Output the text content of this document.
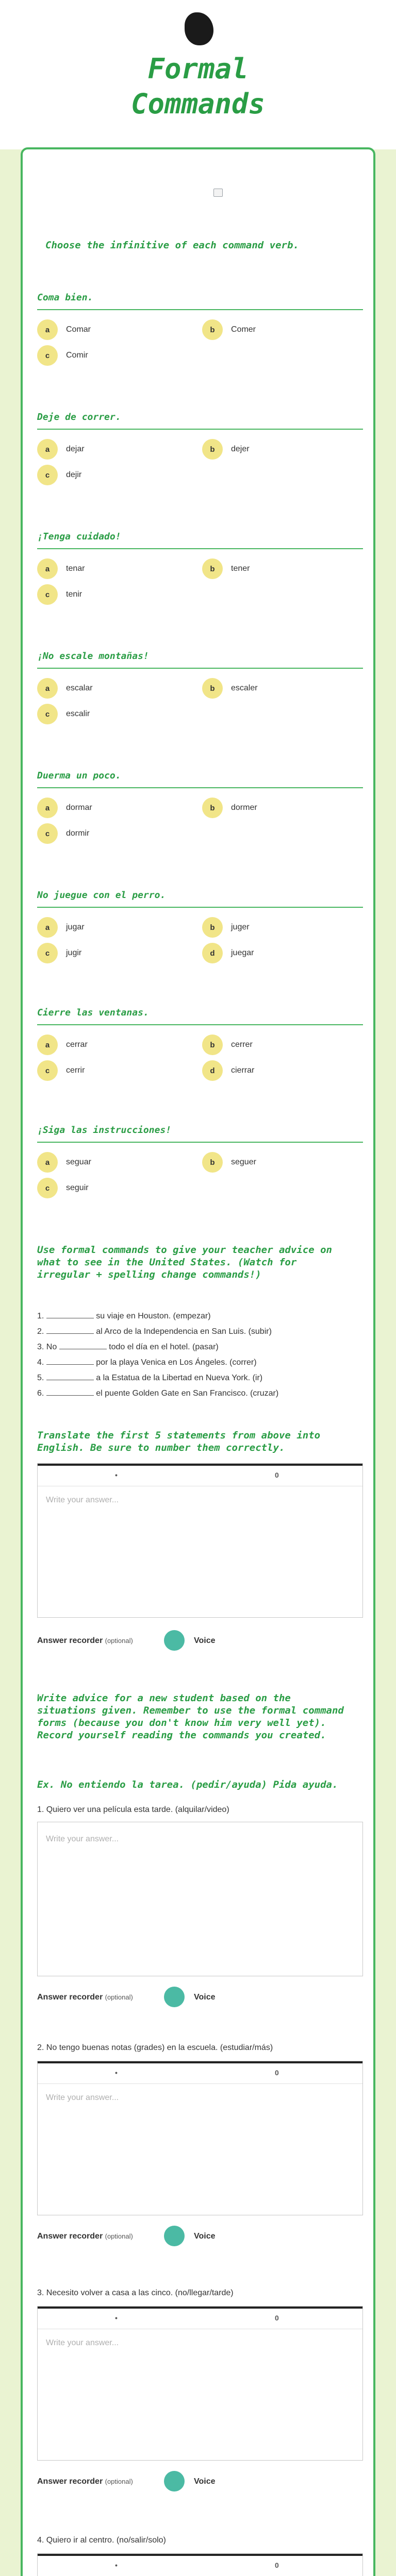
Formal Commands
Choose the infinitive of each command verb.
Coma bien.
a	Comar	b	Comer
c	Comir
Deje de correr.
a	dejar	b	dejer
c	dejir
¡Tenga cuidado!
a	tenar	b	tener
c	tenir
¡No escale montañas!
a	escalar	b	escaler
c	escalir
Duerma un poco.
a	dormar	b	dormer
c	dormir
No juegue con el perro.
a	jugar	b	juger
c	jugir	d	juegar
Cierre las ventanas.
a	cerrar	b	cerrer
c	cerrir	d	cierrar
¡Siga las instrucciones!
a	seguar	b	seguer
c	seguir
Use formal commands to give your teacher advice on what to see in the United States. (Watch for irregular + spelling change commands!)
1.	su viaje en Houston. (empezar)
2.	al Arco de la Independencia en San Luis. (subir)
3. No	todo el día en el hotel. (pasar)
4.	por la playa Venica en Los Ángeles. (correr)
5.	a la Estatua de la Libertad en Nueva York. (ir)
6.	el puente Golden Gate en San Francisco. (cruzar)
Translate the first 5 statements from above into English. Be sure to number them correctly.
•	0
Write your answer...
Answer recorder (optional)	Voice
Write advice for a new student based on the situations given. Remember to use the formal command forms (because you don't know him very well yet). Record yourself reading the commands you created.
Ex. No entiendo la tarea. (pedir/ayuda) Pida ayuda.
1. Quiero ver una película esta tarde. (alquilar/video)
Write your answer...
Answer recorder (optional)	Voice
2. No tengo buenas notas (grades) en la escuela. (estudiar/más)
•	0
Write your answer...
Answer recorder (optional)	Voice
3. Necesito volver a casa a las cinco. (no/llegar/tarde)
•	0
Write your answer...
Answer recorder (optional)	Voice
4. Quiero ir al centro. (no/salir/solo)
•	0
